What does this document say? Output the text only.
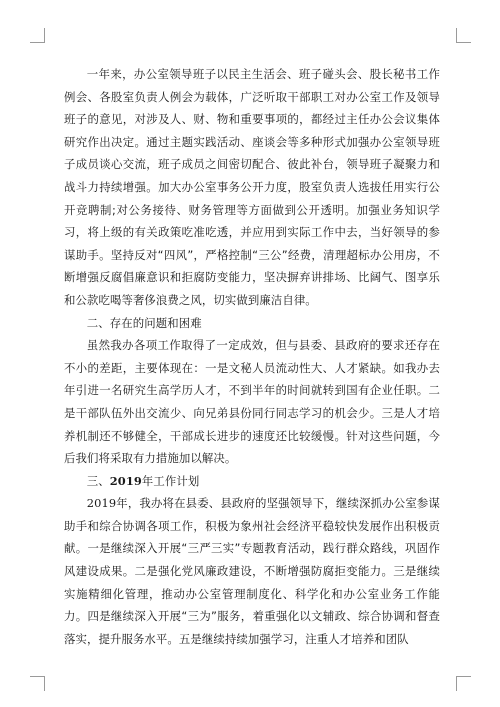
一年来，办公室领导班子以民主生活会、班子碰头会、股长秘书工作例会、各股室负责人例会为载体，广泛听取干部职工对办公室工作及领导班子的意见，对涉及人、财、物和重要事项的，都经过主任办公会议集体研究作出决定。通过主题实践活动、座谈会等多种形式加强办公室领导班子成员谈心交流，班子成员之间密切配合、彼此补台，领导班子凝聚力和战斗力持续增强。加大办公室事务公开力度，股室负责人选拔任用实行公开竞聘制;对公务接待、财务管理等方面做到公开透明。加强业务知识学习，将上级的有关政策吃准吃透，并应用到实际工作中去，当好领导的参谋助手。坚持反对“四风”，严格控制“三公”经费，清理超标办公用房，不断增强反腐倡廉意识和拒腐防变能力，坚决摒弃讲排场、比阔气、图享乐和公款吃喝等奢侈浪费之风，切实做到廉洁自律。

二、存在的问题和困难

虽然我办各项工作取得了一定成效，但与县委、县政府的要求还存在不小的差距，主要体现在：一是文秘人员流动性大、人才紧缺。如我办去年引进一名研究生高学历人才，不到半年的时间就转到国有企业任职。二是干部队伍外出交流少、向兄弟县份同行同志学习的机会少。三是人才培养机制还不够健全，干部成长进步的速度还比较缓慢。针对这些问题，今后我们将采取有力措施加以解决。

三、2019年工作计划

2019年，我办将在县委、县政府的坚强领导下，继续深抓办公室参谋助手和综合协调各项工作，积极为象州社会经济平稳较快发展作出积极贡献。一是继续深入开展“三严三实”专题教育活动，践行群众路线，巩固作风建设成果。二是强化党风廉政建设，不断增强防腐拒变能力。三是继续实施精细化管理，推动办公室管理制度化、科学化和办公室业务工作能力。四是继续深入开展“三为”服务，着重强化以文辅政、综合协调和督查落实，提升服务水平。五是继续持续加强学习，注重人才培养和团队
